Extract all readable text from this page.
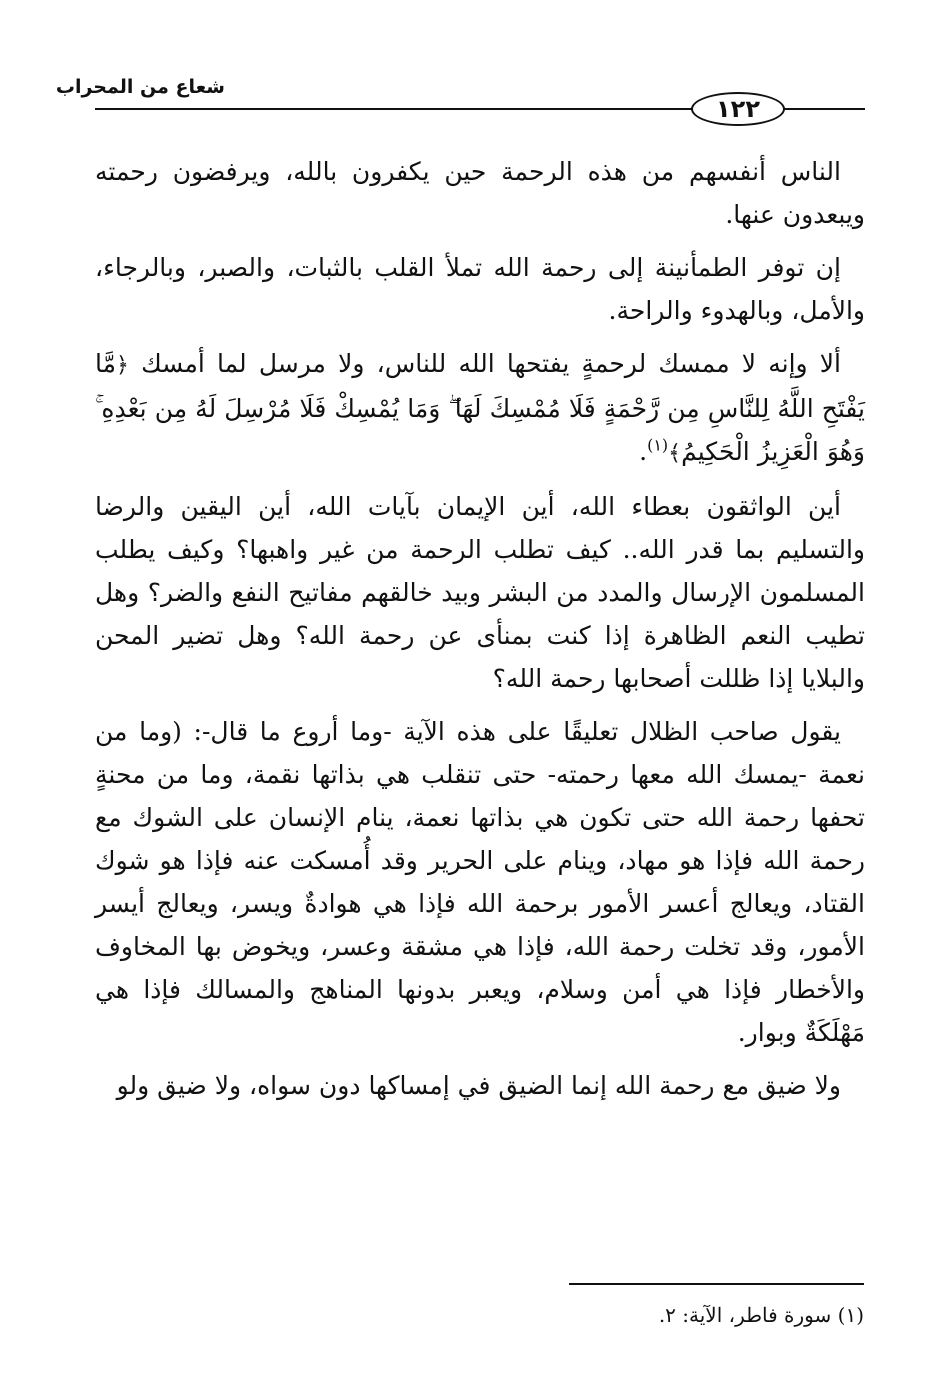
شعاع من المحراب
١٢٢

الناس أنفسهم من هذه الرحمة حين يكفرون بالله، ويرفضون رحمته ويبعدون عنها.

إن توفر الطمأنينة إلى رحمة الله تملأ القلب بالثبات، والصبر، وبالرجاء، والأمل، وبالهدوء والراحة.

ألا وإنه لا ممسك لرحمةٍ يفتحها الله للناس، ولا مرسل لما أمسك ﴿مَّا يَفْتَحِ اللَّهُ لِلنَّاسِ مِن رَّحْمَةٍ فَلَا مُمْسِكَ لَهَا ۖ وَمَا يُمْسِكْ فَلَا مُرْسِلَ لَهُ مِن بَعْدِهِ ۚ وَهُوَ الْعَزِيزُ الْحَكِيمُ﴾$^{(١)}$.

أين الواثقون بعطاء الله، أين الإيمان بآيات الله، أين اليقين والرضا والتسليم بما قدر الله.. كيف تطلب الرحمة من غير واهبها؟ وكيف يطلب المسلمون الإرسال والمدد من البشر وبيد خالقهم مفاتيح النفع والضر؟ وهل تطيب النعم الظاهرة إذا كنت بمنأى عن رحمة الله؟ وهل تضير المحن والبلايا إذا ظللت أصحابها رحمة الله؟

يقول صاحب الظلال تعليقًا على هذه الآية -وما أروع ما قال-: (وما من نعمة -يمسك الله معها رحمته- حتى تنقلب هي بذاتها نقمة، وما من محنةٍ تحفها رحمة الله حتى تكون هي بذاتها نعمة، ينام الإنسان على الشوك مع رحمة الله فإذا هو مهاد، وينام على الحرير وقد أُمسكت عنه فإذا هو شوك القتاد، ويعالج أعسر الأمور برحمة الله فإذا هي هوادةٌ ويسر، ويعالج أيسر الأمور، وقد تخلت رحمة الله، فإذا هي مشقة وعسر، ويخوض بها المخاوف والأخطار فإذا هي أمن وسلام، ويعبر بدونها المناهج والمسالك فإذا هي مَهْلَكَةٌ وبوار.

ولا ضيق مع رحمة الله إنما الضيق في إمساكها دون سواه، ولا ضيق ولو

(١) سورة فاطر، الآية: ٢.
